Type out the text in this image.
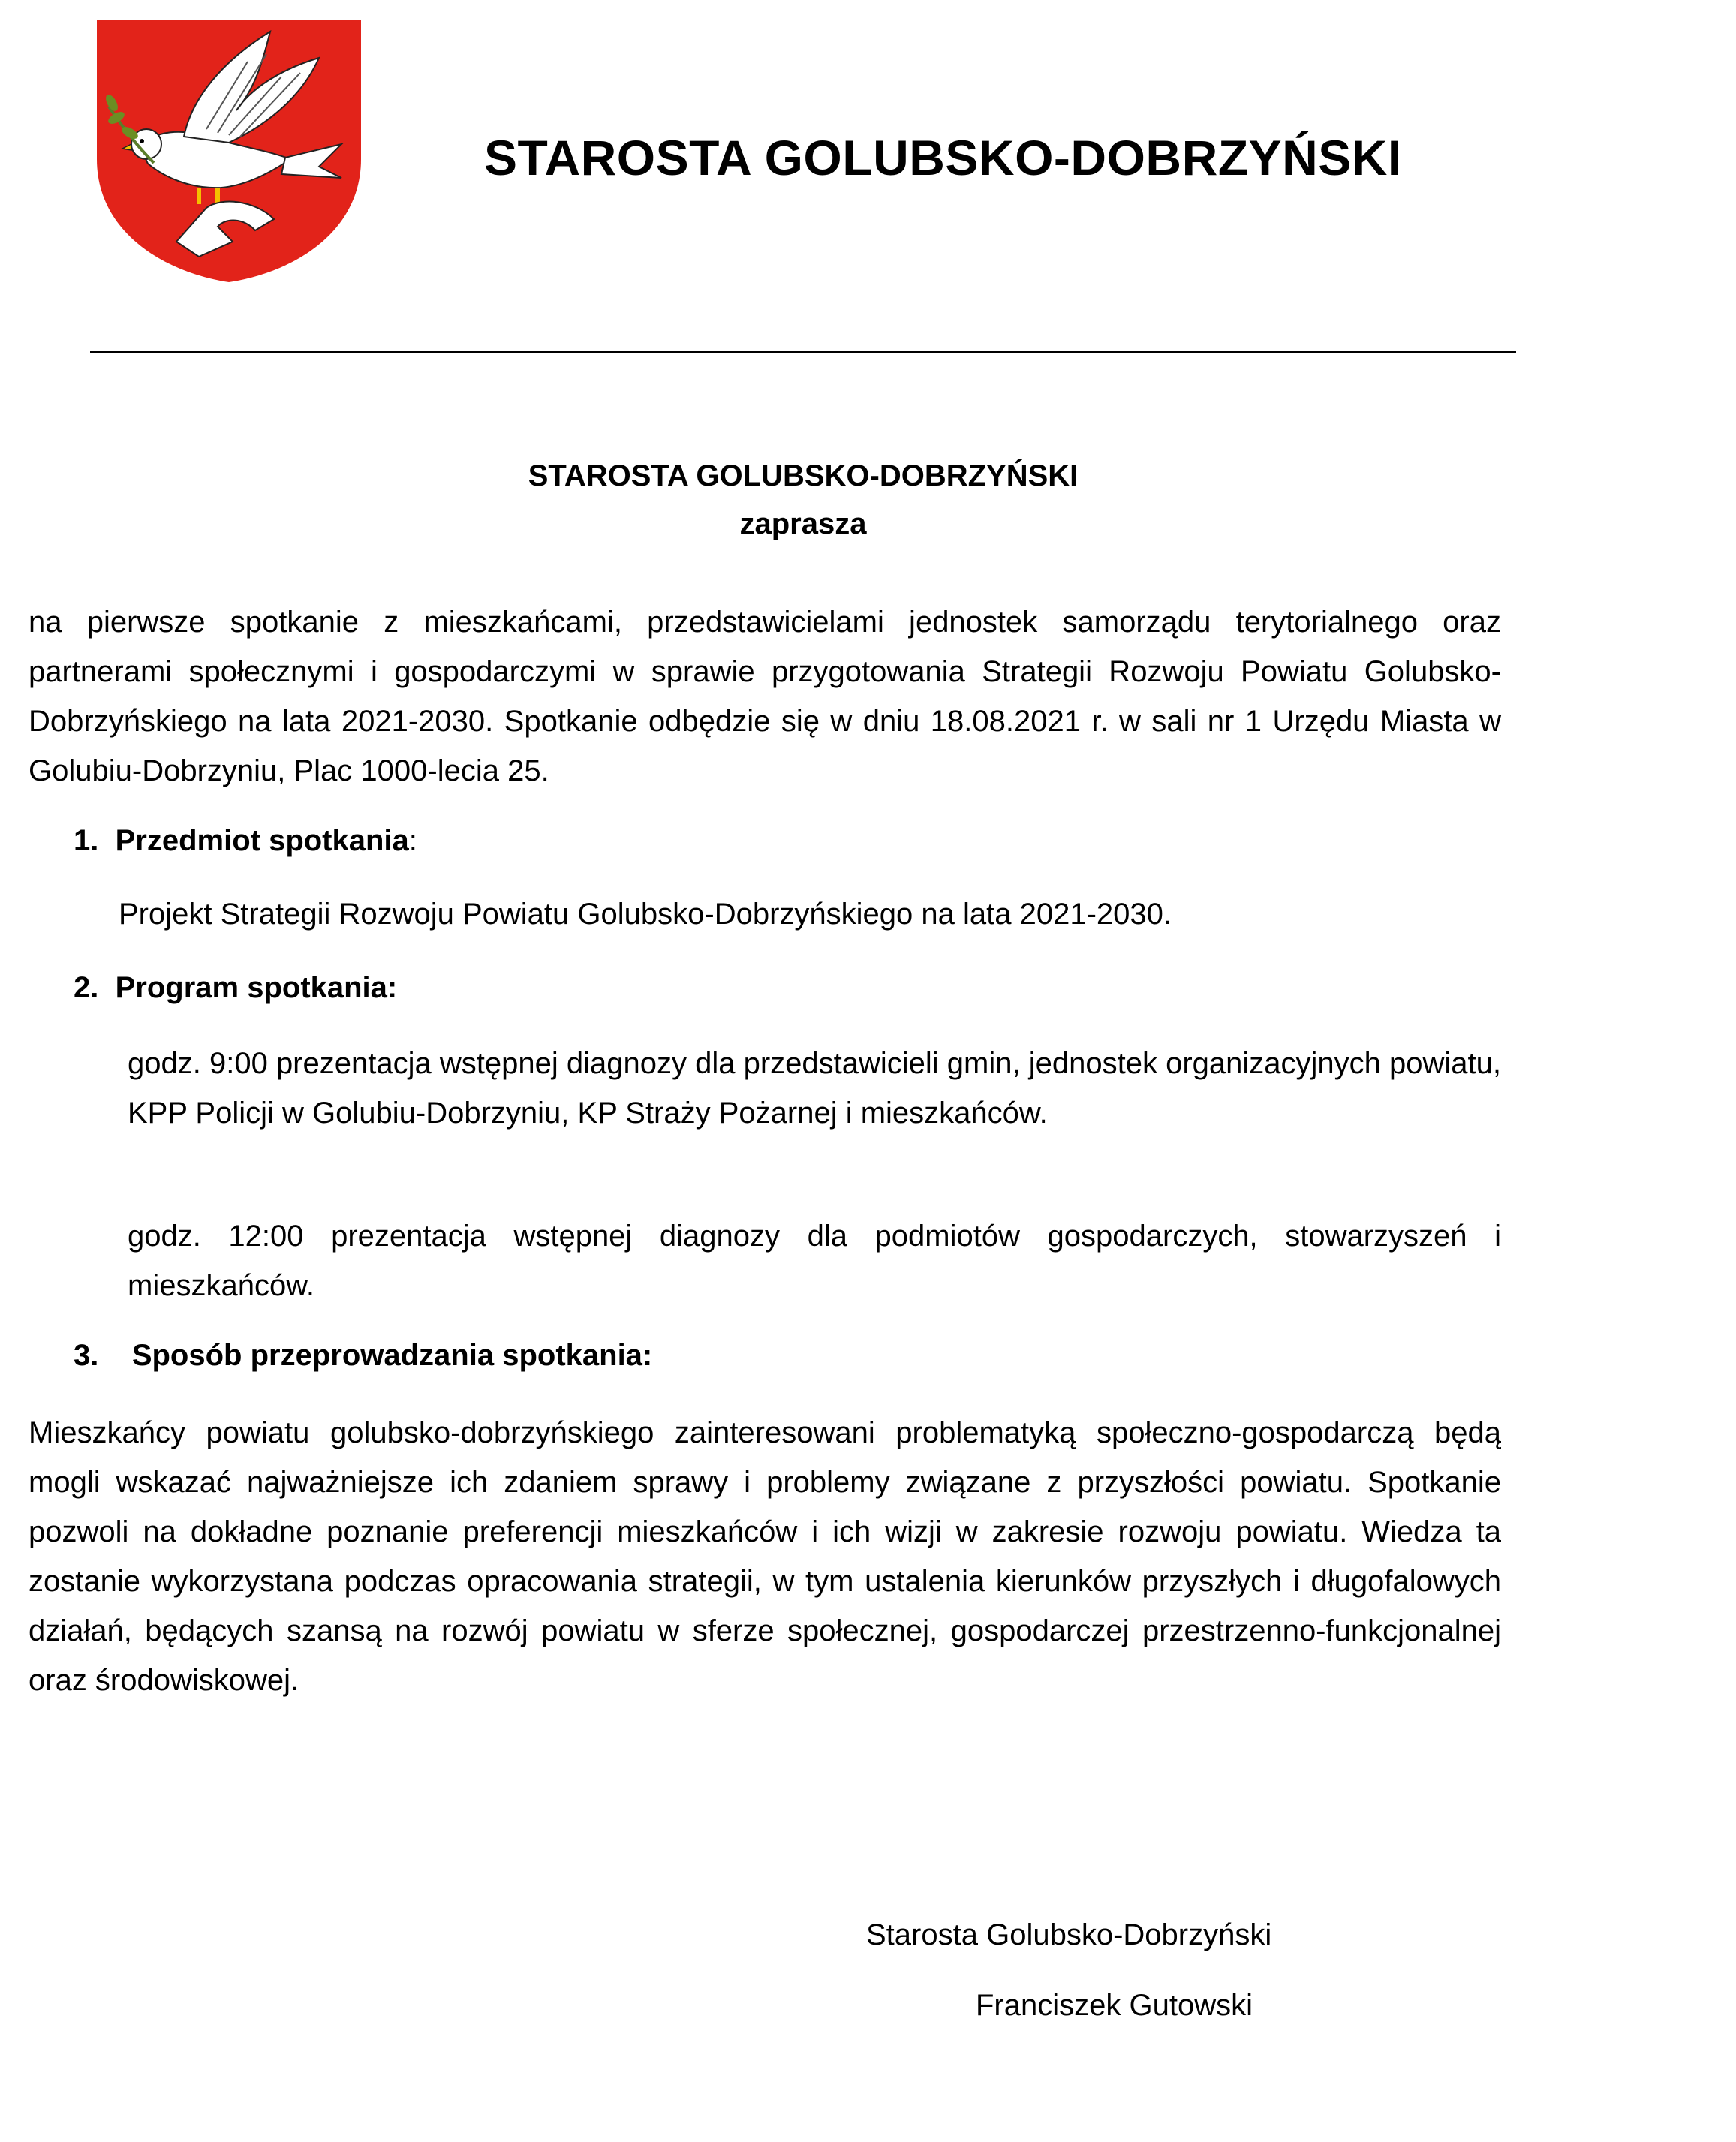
STAROSTA GOLUBSKO-DOBRZYŃSKI
STAROSTA GOLUBSKO-DOBRZYŃSKI
zaprasza
na pierwsze spotkanie z mieszkańcami, przedstawicielami jednostek samorządu terytorialnego oraz partnerami społecznymi i gospodarczymi w sprawie przygotowania Strategii Rozwoju Powiatu Golubsko-Dobrzyńskiego na lata 2021-2030. Spotkanie odbędzie się w dniu 18.08.2021 r. w sali nr 1 Urzędu Miasta w Golubiu-Dobrzyniu, Plac 1000-lecia 25.
1. Przedmiot spotkania:
Projekt Strategii Rozwoju Powiatu Golubsko-Dobrzyńskiego na lata 2021-2030.
2. Program spotkania:
godz. 9:00 prezentacja wstępnej diagnozy dla przedstawicieli gmin, jednostek organizacyjnych powiatu, KPP Policji w Golubiu-Dobrzyniu, KP Straży Pożarnej i mieszkańców.
godz. 12:00 prezentacja wstępnej diagnozy dla podmiotów gospodarczych, stowarzyszeń i mieszkańców.
3. Sposób przeprowadzania spotkania:
Mieszkańcy powiatu golubsko-dobrzyńskiego zainteresowani problematyką społeczno-gospodarczą będą mogli wskazać najważniejsze ich zdaniem sprawy i problemy związane z przyszłości powiatu. Spotkanie pozwoli na dokładne poznanie preferencji mieszkańców i ich wizji w zakresie rozwoju powiatu. Wiedza ta zostanie wykorzystana podczas opracowania strategii, w tym ustalenia kierunków przyszłych i długofalowych działań, będących szansą na rozwój powiatu w sferze społecznej, gospodarczej przestrzenno-funkcjonalnej oraz środowiskowej.
Starosta Golubsko-Dobrzyński
Franciszek Gutowski
